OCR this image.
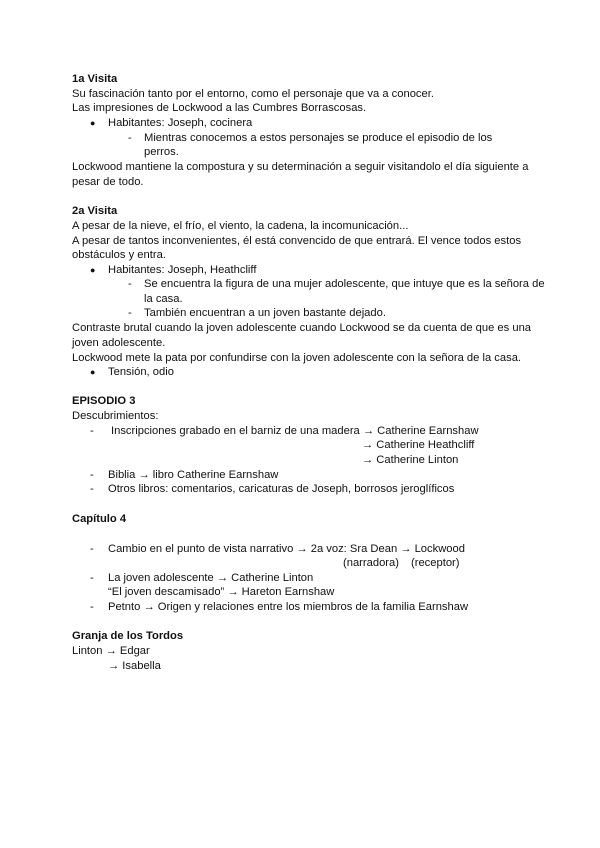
1a Visita
Su fascinación tanto por el entorno, como el personaje que va a conocer.
Las impresiones de Lockwood a las Cumbres Borrascosas.
● Habitantes: Joseph, cocinera
- Mientras conocemos a estos personajes se produce el episodio de los
perros.
Lockwood mantiene la compostura y su determinación a seguir visitandolo el día siguiente a
pesar de todo.
2a Visita
A pesar de la nieve, el frío, el viento, la cadena, la incomunicación...
A pesar de tantos inconvenientes, él está convencido de que entrará. El vence todos estos
obstáculos y entra.
● Habitantes: Joseph, Heathcliff
- Se encuentra la figura de una mujer adolescente, que intuye que es la señora de
la casa.
- También encuentran a un joven bastante dejado.
Contraste brutal cuando la joven adolescente cuando Lockwood se da cuenta de que es una
joven adolescente.
Lockwood mete la pata por confundirse con la joven adolescente con la señora de la casa.
● Tensión, odio
EPISODIO 3
Descubrimientos:
- Inscripciones grabado en el barniz de una madera → Catherine Earnshaw
→ Catherine Heathcliff
→ Catherine Linton
- Biblia → libro Catherine Earnshaw
- Otros libros: comentarios, caricaturas de Joseph, borrosos jeroglíficos
Capítulo 4
- Cambio en el punto de vista narrativo → 2a voz: Sra Dean → Lockwood
(narradora) (receptor)
- La joven adolescente → Catherine Linton
“El joven descamisado” → Hareton Earnshaw
- Petnto → Origen y relaciones entre los miembros de la familia Earnshaw
Granja de los Tordos
Linton → Edgar
→ Isabella
